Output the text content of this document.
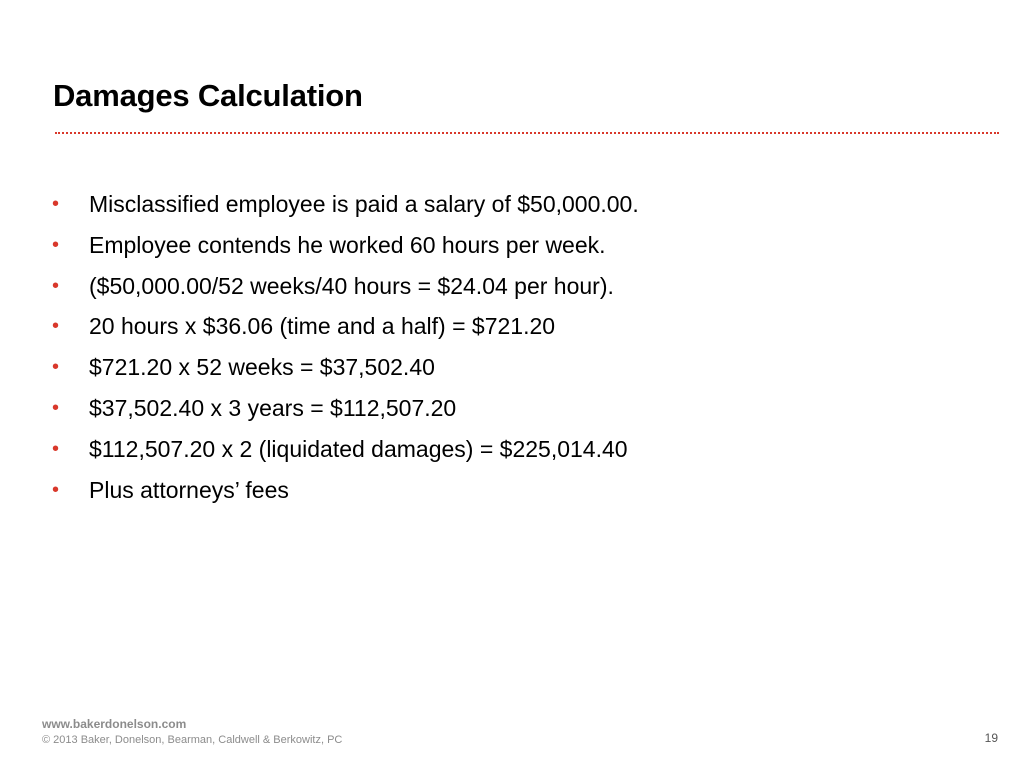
Damages Calculation
• Misclassified employee is paid a salary of $50,000.00.
• Employee contends he worked 60 hours per week.
• ($50,000.00/52 weeks/40 hours = $24.04 per hour).
• 20 hours x $36.06 (time and a half) = $721.20
• $721.20 x 52 weeks = $37,502.40
• $37,502.40 x 3 years = $112,507.20
• $112,507.20 x 2 (liquidated damages) = $225,014.40
• Plus attorneys’ fees
www.bakerdonelson.com
© 2013 Baker, Donelson, Bearman, Caldwell & Berkowitz, PC	19
